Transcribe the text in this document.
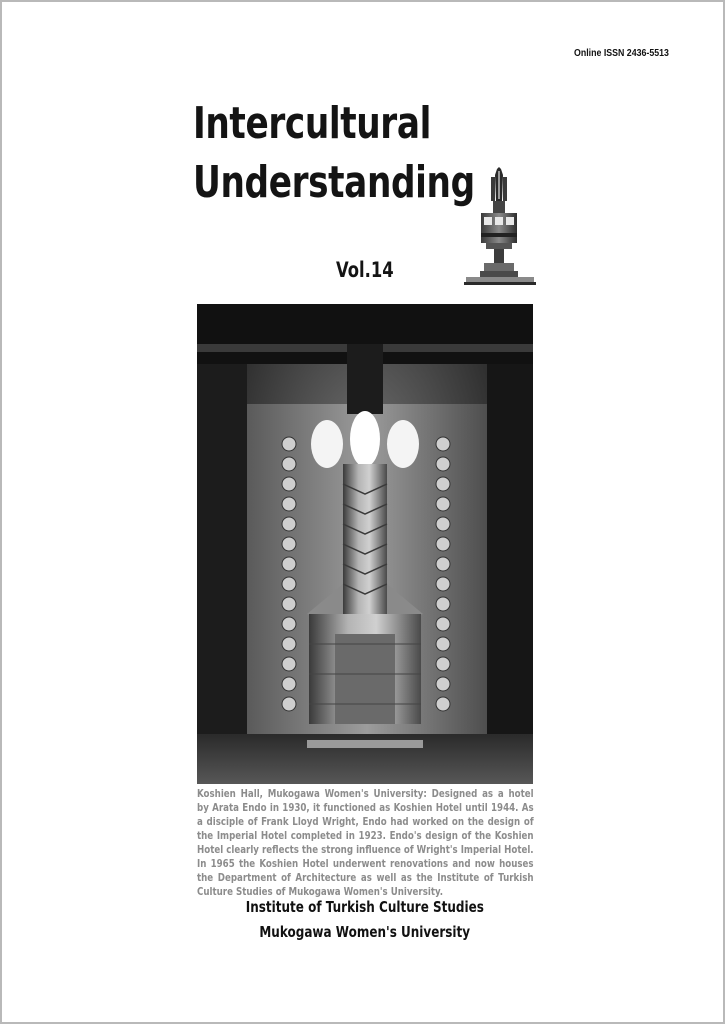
Online ISSN 2436-5513
Intercultural
Understanding
Vol.14
Koshien Hall, Mukogawa Women's University: Designed as a hotel by Arata Endo in 1930, it functioned as Koshien Hotel until 1944. As a disciple of Frank Lloyd Wright, Endo had worked on the design of the Imperial Hotel completed in 1923. Endo's design of the Koshien Hotel clearly reflects the strong influence of Wright's Imperial Hotel. In 1965 the Koshien Hotel underwent renovations and now houses the Department of Architecture as well as the Institute of Turkish Culture Studies of Mukogawa Women's University.
Institute of Turkish Culture Studies
Mukogawa Women's University
